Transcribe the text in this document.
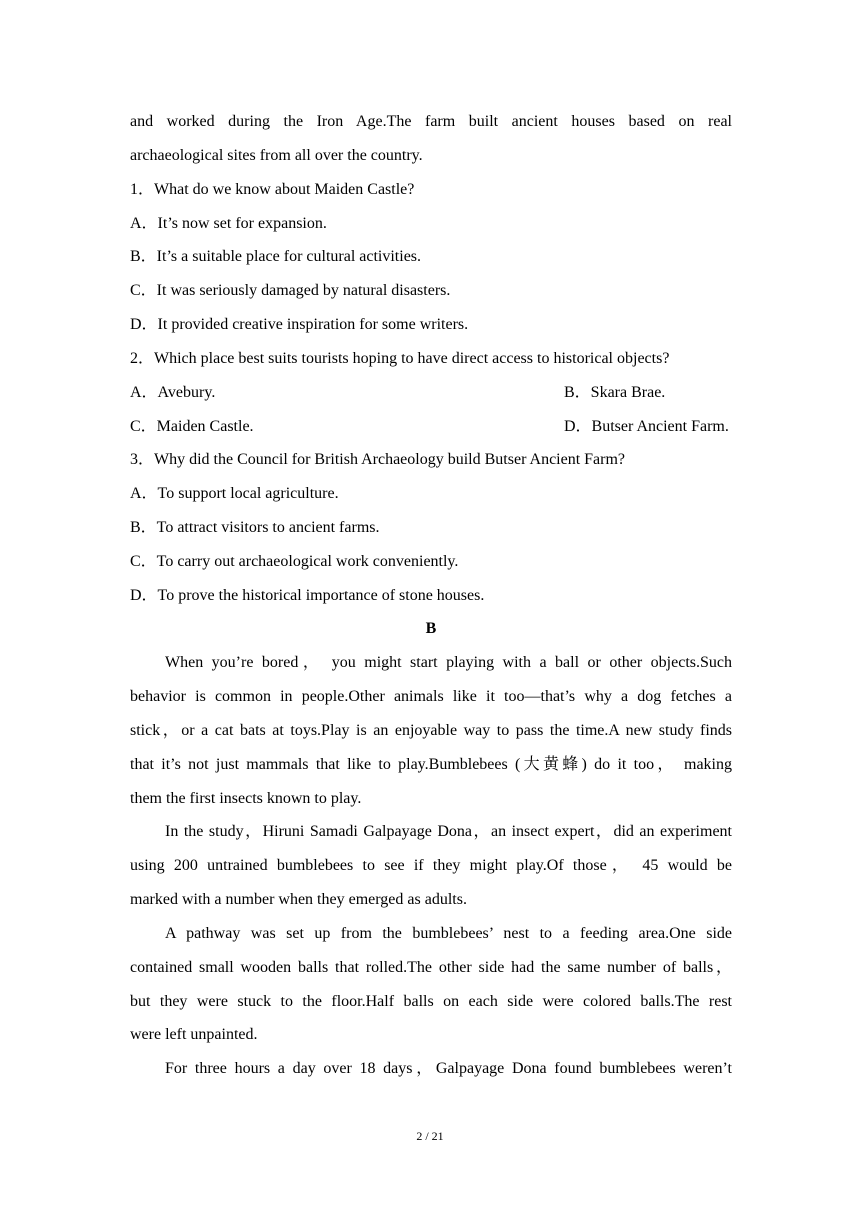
and worked during the Iron Age.The farm built ancient houses based on real
archaeological sites from all over the country.
1．What do we know about Maiden Castle?
A．It’s now set for expansion.
B．It’s a suitable place for cultural activities.
C．It was seriously damaged by natural disasters.
D．It provided creative inspiration for some writers.
2．Which place best suits tourists hoping to have direct access to historical objects?
A．Avebury.	B．Skara Brae.
C．Maiden Castle.	D．Butser Ancient Farm.
3．Why did the Council for British Archaeology build Butser Ancient Farm?
A．To support local agriculture.
B．To attract visitors to ancient farms.
C．To carry out archaeological work conveniently.
D．To prove the historical importance of stone houses.
B
When you’re bored， you might start playing with a ball or other objects.Such
behavior is common in people.Other animals like it too—that’s why a dog fetches a
stick，or a cat bats at toys.Play is an enjoyable way to pass the time.A new study finds
that it’s not just mammals that like to play.Bumblebees (大黄蜂) do it too， making
them the first insects known to play.
In the study，Hiruni Samadi Galpayage Dona，an insect expert，did an experiment
using 200 untrained bumblebees to see if they might play.Of those， 45 would be
marked with a number when they emerged as adults.
A pathway was set up from the bumblebees’ nest to a feeding area.One side
contained small wooden balls that rolled.The other side had the same number of balls，
but they were stuck to the floor.Half balls on each side were colored balls.The rest
were left unpainted.
For three hours a day over 18 days，Galpayage Dona found bumblebees weren’t
2 / 21
